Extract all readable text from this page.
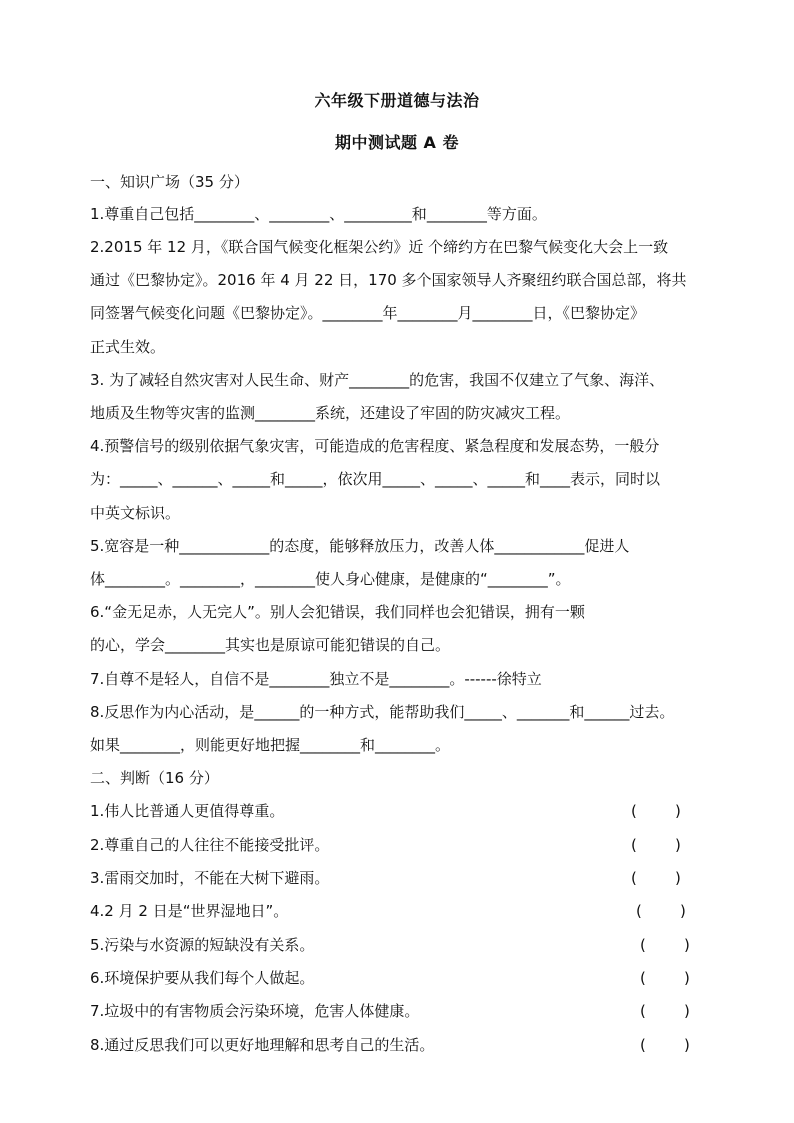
六年级下册道德与法治
期中测试题 A 卷
一、知识广场（35 分）
1.尊重自己包括________、________、_________和________等方面。
2.2015 年 12 月，《联合国气候变化框架公约》近 个缔约方在巴黎气候变化大会上一致
通过《巴黎协定》。2016 年 4 月 22 日，170 多个国家领导人齐聚纽约联合国总部，将共
同签署气候变化问题《巴黎协定》。________年________月________日，《巴黎协定》
正式生效。
3. 为了减轻自然灾害对人民生命、财产________的危害，我国不仅建立了气象、海洋、
地质及生物等灾害的监测________系统，还建设了牢固的防灾减灾工程。
4.预警信号的级别依据气象灾害，可能造成的危害程度、紧急程度和发展态势，一般分
为：_____、______、_____和_____，依次用_____、_____、_____和____表示，同时以
中英文标识。
5.宽容是一种____________的态度，能够释放压力，改善人体____________促进人
体________。________，________使人身心健康，是健康的“________”。
6.“金无足赤，人无完人”。别人会犯错误，我们同样也会犯错误，拥有一颗
的心，学会________其实也是原谅可能犯错误的自己。
7.自尊不是轻人，自信不是________独立不是________。------徐特立
8.反思作为内心活动，是______的一种方式，能帮助我们_____、_______和______过去。
如果________，则能更好地把握________和________。
二、判断（16 分）
1.伟人比普通人更值得尊重。	(        )
2.尊重自己的人往往不能接受批评。	(        )
3.雷雨交加时，不能在大树下避雨。	(        )
4.2 月 2 日是“世界湿地日”。	(        )
5.污染与水资源的短缺没有关系。	(        )
6.环境保护要从我们每个人做起。	(        )
7.垃圾中的有害物质会污染环境，危害人体健康。	(        )
8.通过反思我们可以更好地理解和思考自己的生活。	(        )
